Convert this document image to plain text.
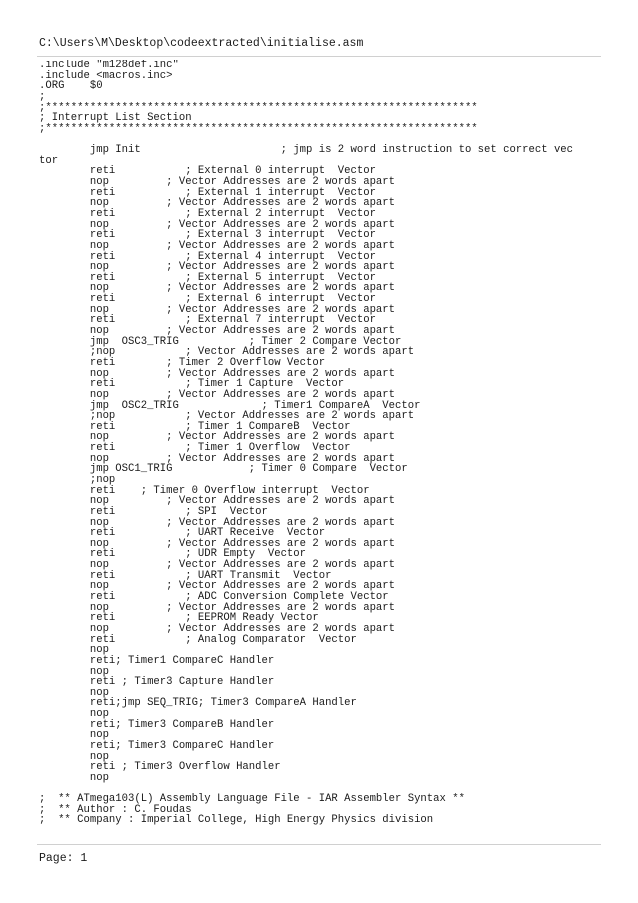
C:\Users\M\Desktop\codeextracted\initialise.asm
.include "m128def.inc"
.include <macros.inc>
.ORG    $0
;
;********************************************************************
; Interrupt List Section
;********************************************************************
jmp Init                      ; jmp is 2 word instruction to set correct vec
tor
reti           ; External 0 interrupt  Vector
nop         ; Vector Addresses are 2 words apart
reti           ; External 1 interrupt  Vector
nop         ; Vector Addresses are 2 words apart
reti           ; External 2 interrupt  Vector
nop         ; Vector Addresses are 2 words apart
reti           ; External 3 interrupt  Vector
nop         ; Vector Addresses are 2 words apart
reti           ; External 4 interrupt  Vector
nop         ; Vector Addresses are 2 words apart
reti           ; External 5 interrupt  Vector
nop         ; Vector Addresses are 2 words apart
reti           ; External 6 interrupt  Vector
nop         ; Vector Addresses are 2 words apart
reti           ; External 7 interrupt  Vector
nop         ; Vector Addresses are 2 words apart
jmp  OSC3_TRIG           ; Timer 2 Compare Vector
;nop           ; Vector Addresses are 2 words apart
reti        ; Timer 2 Overflow Vector
nop         ; Vector Addresses are 2 words apart
reti           ; Timer 1 Capture  Vector
nop         ; Vector Addresses are 2 words apart
jmp  OSC2_TRIG             ; Timer1 CompareA  Vector
;nop           ; Vector Addresses are 2 words apart
reti           ; Timer 1 CompareB  Vector
nop         ; Vector Addresses are 2 words apart
reti           ; Timer 1 Overflow  Vector
nop         ; Vector Addresses are 2 words apart
jmp OSC1_TRIG            ; Timer 0 Compare  Vector
;nop
reti    ; Timer 0 Overflow interrupt  Vector
nop         ; Vector Addresses are 2 words apart
reti           ; SPI  Vector
nop         ; Vector Addresses are 2 words apart
reti           ; UART Receive  Vector
nop         ; Vector Addresses are 2 words apart
reti           ; UDR Empty  Vector
nop         ; Vector Addresses are 2 words apart
reti           ; UART Transmit  Vector
nop         ; Vector Addresses are 2 words apart
reti           ; ADC Conversion Complete Vector
nop         ; Vector Addresses are 2 words apart
reti           ; EEPROM Ready Vector
nop         ; Vector Addresses are 2 words apart
reti           ; Analog Comparator  Vector
nop
reti; Timer1 CompareC Handler
nop
reti ; Timer3 Capture Handler
nop
reti;jmp SEQ_TRIG; Timer3 CompareA Handler
nop
reti; Timer3 CompareB Handler
nop
reti; Timer3 CompareC Handler
nop
reti ; Timer3 Overflow Handler
nop
;  ** ATmega103(L) Assembly Language File - IAR Assembler Syntax **
;  ** Author : C. Foudas
;  ** Company : Imperial College, High Energy Physics division
Page: 1
